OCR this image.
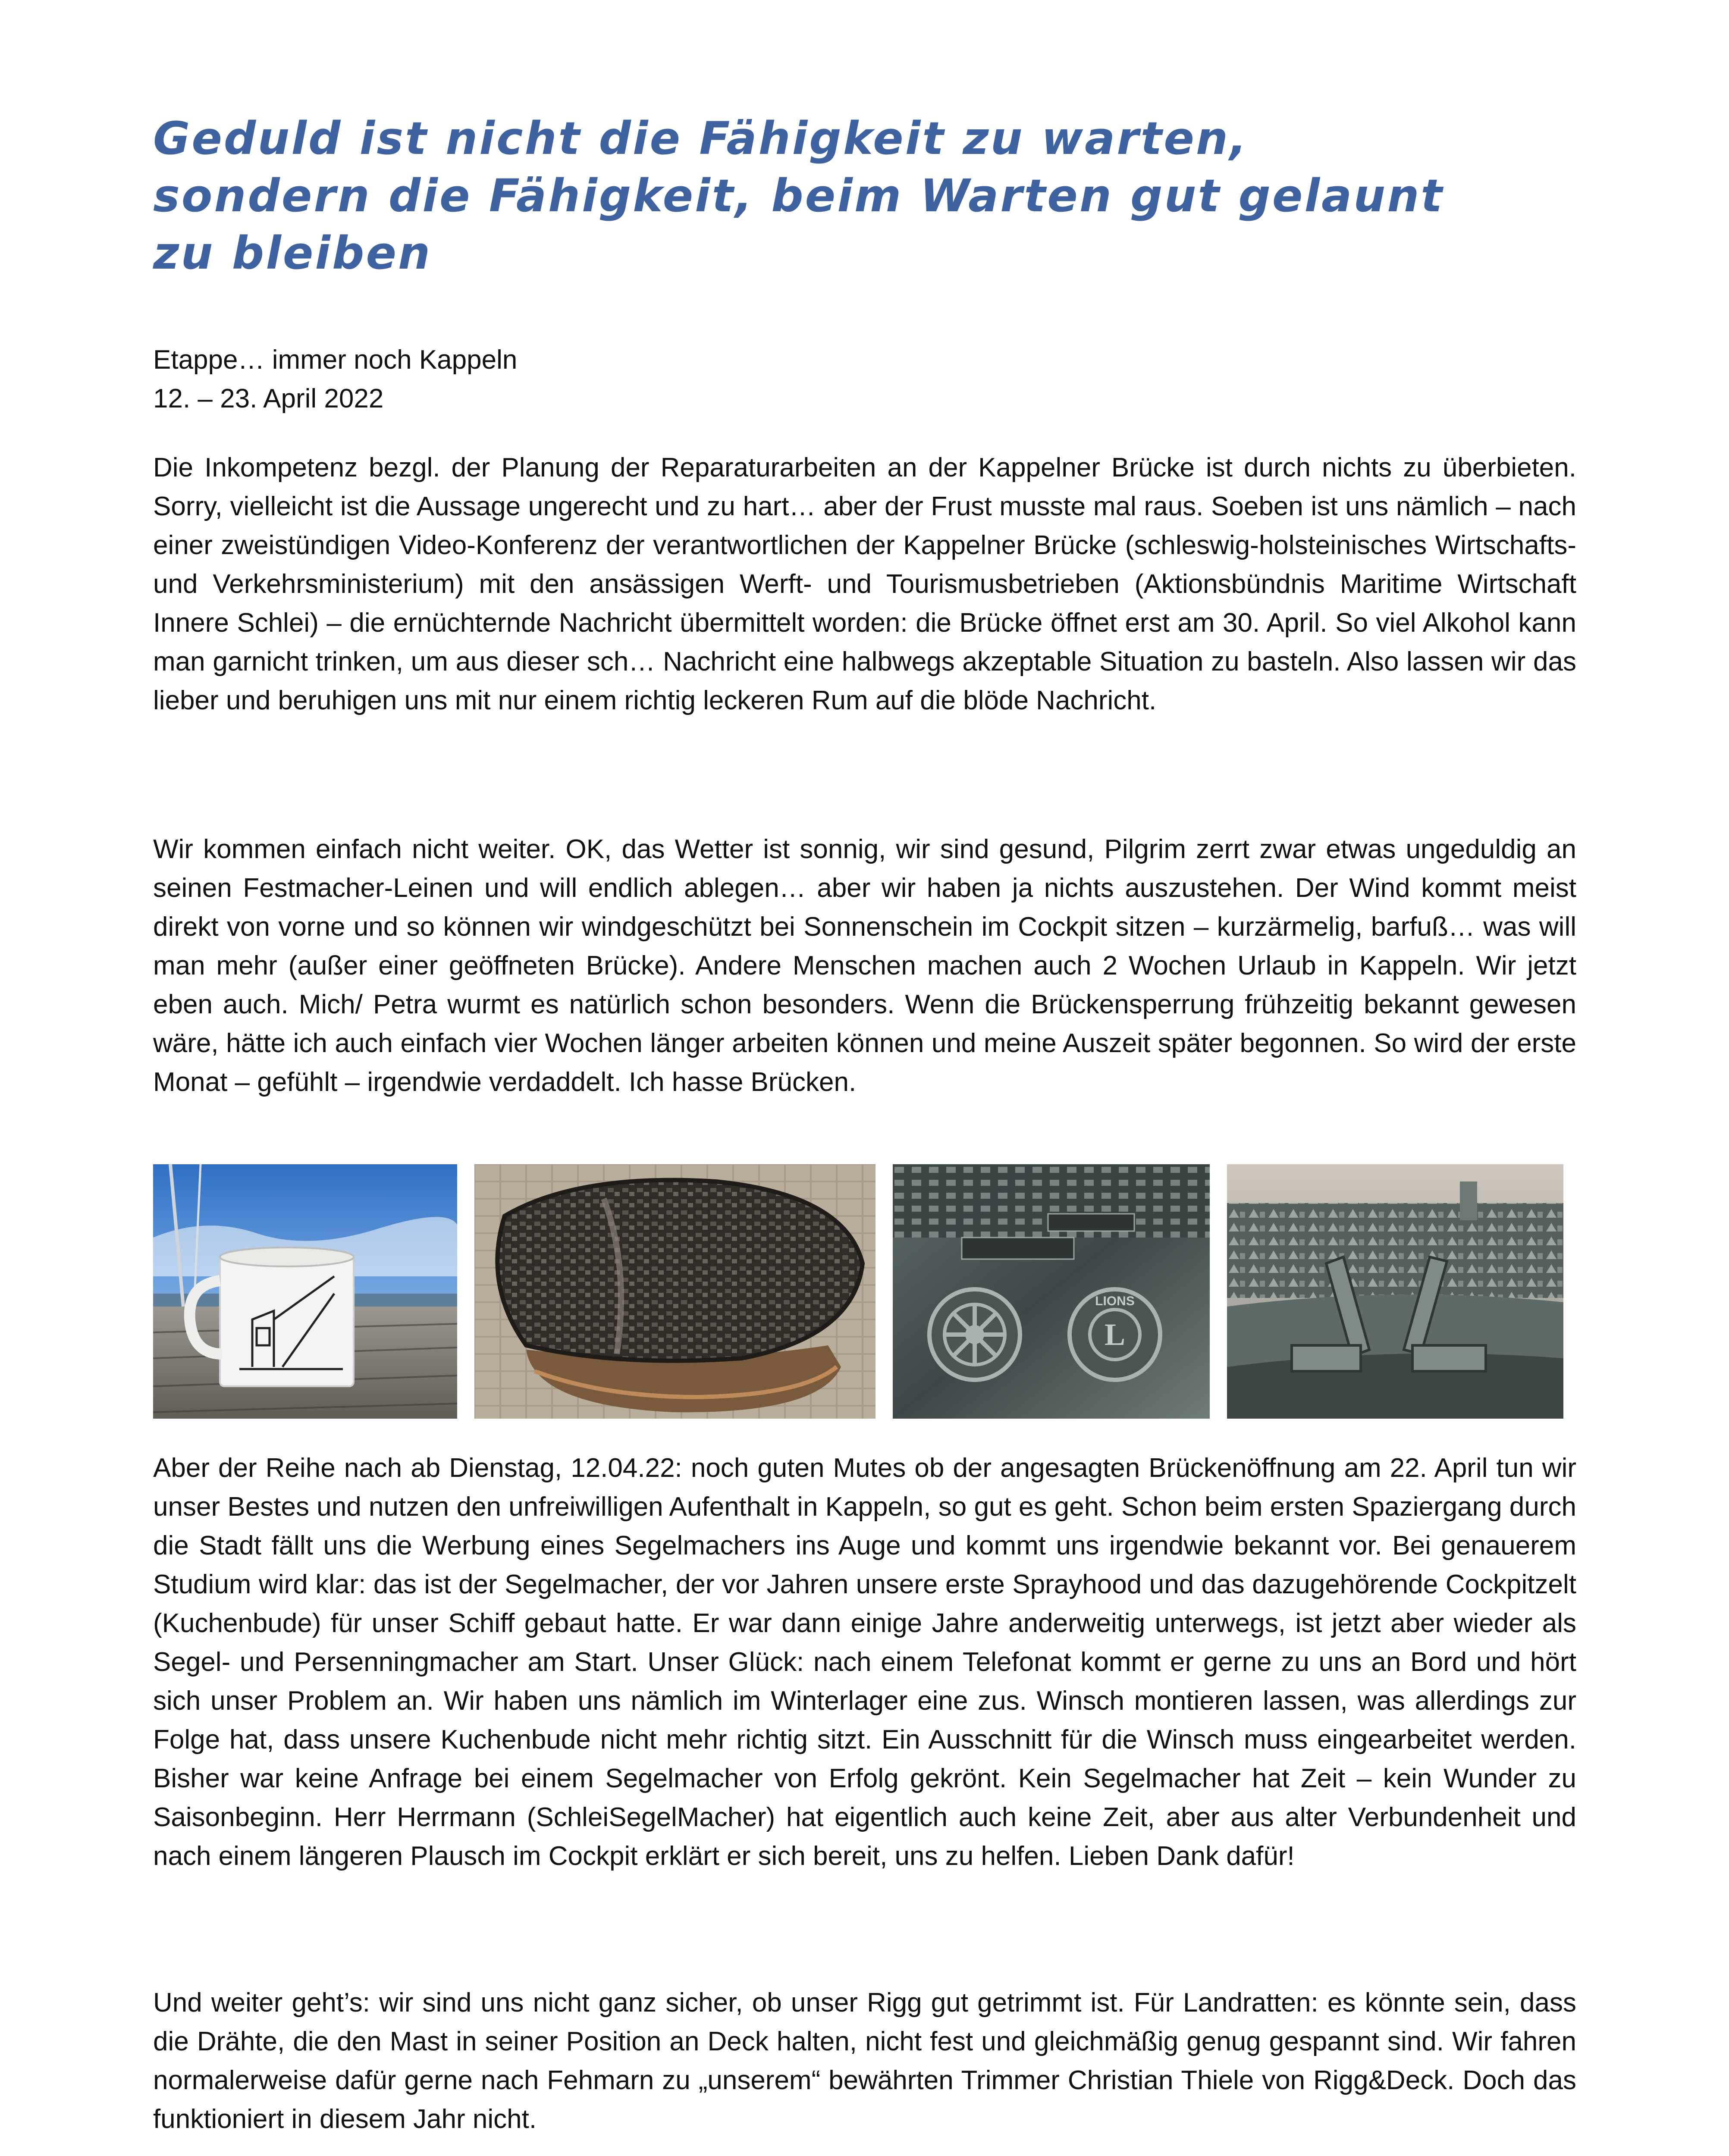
Geduld ist nicht die Fähigkeit zu warten,
sondern die Fähigkeit, beim Warten gut gelaunt
zu bleiben
Etappe… immer noch Kappeln
12. – 23. April 2022

Die Inkompetenz bezgl. der Planung der Reparaturarbeiten an der Kappelner Brücke ist durch nichts zu überbieten. Sorry, vielleicht ist die Aussage ungerecht und zu hart… aber der Frust musste mal raus. Soeben ist uns nämlich – nach einer zweistündigen Video-Konferenz der verantwortlichen der Kappelner Brücke (schleswig-holsteinisches Wirtschafts- und Verkehrsministerium) mit den ansässigen Werft- und Tourismusbetrieben (Aktionsbündnis Maritime Wirtschaft Innere Schlei) – die ernüchternde Nachricht übermittelt worden: die Brücke öffnet erst am 30. April. So viel Alkohol kann man garnicht trinken, um aus dieser sch… Nachricht eine halbwegs akzeptable Situation zu basteln. Also lassen wir das lieber und beruhigen uns mit nur einem richtig leckeren Rum auf die blöde Nachricht.

Wir kommen einfach nicht weiter. OK, das Wetter ist sonnig, wir sind gesund, Pilgrim zerrt zwar etwas ungeduldig an seinen Festmacher-Leinen und will endlich ablegen… aber wir haben ja nichts auszustehen. Der Wind kommt meist direkt von vorne und so können wir windgeschützt bei Sonnenschein im Cockpit sitzen – kurzärmelig, barfuß… was will man mehr (außer einer geöffneten Brücke). Andere Menschen machen auch 2 Wochen Urlaub in Kappeln. Wir jetzt eben auch. Mich/ Petra wurmt es natürlich schon besonders. Wenn die Brückensperrung frühzeitig bekannt gewesen wäre, hätte ich auch einfach vier Wochen länger arbeiten können und meine Auszeit später begonnen. So wird der erste Monat – gefühlt – irgendwie verdaddelt. Ich hasse Brücken.

LIONS
L

Aber der Reihe nach ab Dienstag, 12.04.22: noch guten Mutes ob der angesagten Brückenöffnung am 22. April tun wir unser Bestes und nutzen den unfreiwilligen Aufenthalt in Kappeln, so gut es geht. Schon beim ersten Spaziergang durch die Stadt fällt uns die Werbung eines Segelmachers ins Auge und kommt uns irgendwie bekannt vor. Bei genauerem Studium wird klar: das ist der Segelmacher, der vor Jahren unsere erste Sprayhood und das dazugehörende Cockpitzelt (Kuchenbude) für unser Schiff gebaut hatte. Er war dann einige Jahre anderweitig unterwegs, ist jetzt aber wieder als Segel- und Persenningmacher am Start. Unser Glück: nach einem Telefonat kommt er gerne zu uns an Bord und hört sich unser Problem an. Wir haben uns nämlich im Winterlager eine zus. Winsch montieren lassen, was allerdings zur Folge hat, dass unsere Kuchenbude nicht mehr richtig sitzt. Ein Ausschnitt für die Winsch muss eingearbeitet werden. Bisher war keine Anfrage bei einem Segelmacher von Erfolg gekrönt. Kein Segelmacher hat Zeit – kein Wunder zu Saisonbeginn. Herr Herrmann (SchleiSegelMacher) hat eigentlich auch keine Zeit, aber aus alter Verbundenheit und nach einem längeren Plausch im Cockpit erklärt er sich bereit, uns zu helfen. Lieben Dank dafür!

Und weiter geht’s: wir sind uns nicht ganz sicher, ob unser Rigg gut getrimmt ist. Für Landratten: es könnte sein, dass die Drähte, die den Mast in seiner Position an Deck halten, nicht fest und gleichmäßig genug gespannt sind. Wir fahren normalerweise dafür gerne nach Fehmarn zu „unserem“ bewährten Trimmer Christian Thiele von Rigg&Deck. Doch das funktioniert in diesem Jahr nicht.
